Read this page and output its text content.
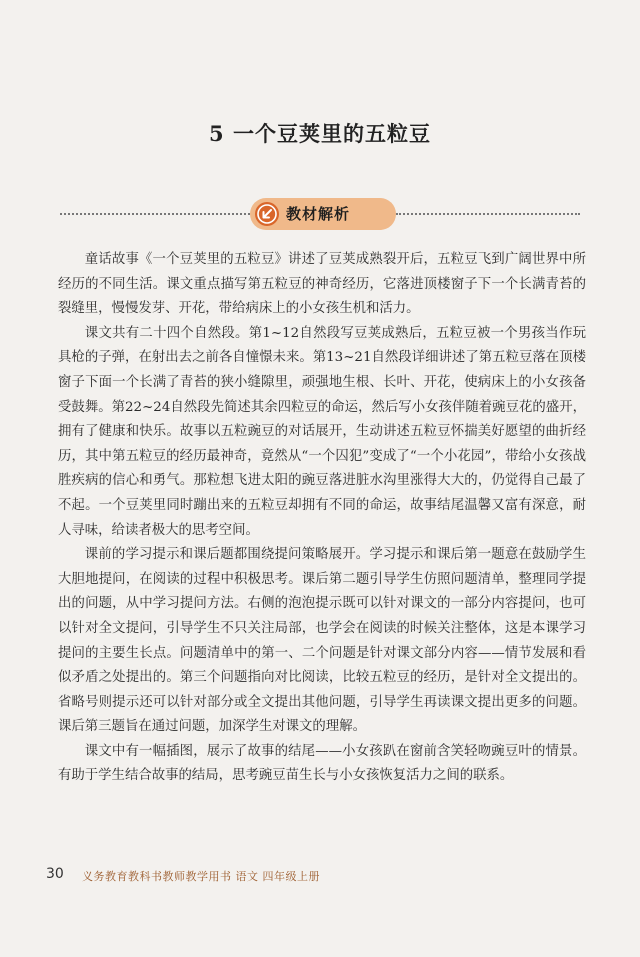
5 一个豆荚里的五粒豆
教材解析

童话故事《一个豆荚里的五粒豆》讲述了豆荚成熟裂开后，五粒豆飞到广阔世界中所经历的不同生活。课文重点描写第五粒豆的神奇经历，它落进顶楼窗子下一个长满青苔的裂缝里，慢慢发芽、开花，带给病床上的小女孩生机和活力。

课文共有二十四个自然段。第1~12自然段写豆荚成熟后，五粒豆被一个男孩当作玩具枪的子弹，在射出去之前各自憧憬未来。第13~21自然段详细讲述了第五粒豆落在顶楼窗子下面一个长满了青苔的狭小缝隙里，顽强地生根、长叶、开花，使病床上的小女孩备受鼓舞。第22~24自然段先简述其余四粒豆的命运，然后写小女孩伴随着豌豆花的盛开，拥有了健康和快乐。故事以五粒豌豆的对话展开，生动讲述五粒豆怀揣美好愿望的曲折经历，其中第五粒豆的经历最神奇，竟然从“一个囚犯”变成了“一个小花园”，带给小女孩战胜疾病的信心和勇气。那粒想飞进太阳的豌豆落进脏水沟里涨得大大的，仍觉得自己最了不起。一个豆荚里同时蹦出来的五粒豆却拥有不同的命运，故事结尾温馨又富有深意，耐人寻味，给读者极大的思考空间。

课前的学习提示和课后题都围绕提问策略展开。学习提示和课后第一题意在鼓励学生大胆地提问，在阅读的过程中积极思考。课后第二题引导学生仿照问题清单，整理同学提出的问题，从中学习提问方法。右侧的泡泡提示既可以针对课文的一部分内容提问，也可以针对全文提问，引导学生不只关注局部，也学会在阅读的时候关注整体，这是本课学习提问的主要生长点。问题清单中的第一、二个问题是针对课文部分内容——情节发展和看似矛盾之处提出的。第三个问题指向对比阅读，比较五粒豆的经历，是针对全文提出的。省略号则提示还可以针对部分或全文提出其他问题，引导学生再读课文提出更多的问题。课后第三题旨在通过问题，加深学生对课文的理解。

课文中有一幅插图，展示了故事的结尾——小女孩趴在窗前含笑轻吻豌豆叶的情景。有助于学生结合故事的结局，思考豌豆苗生长与小女孩恢复活力之间的联系。

30 义务教育教科书教师教学用书 语文 四年级上册
